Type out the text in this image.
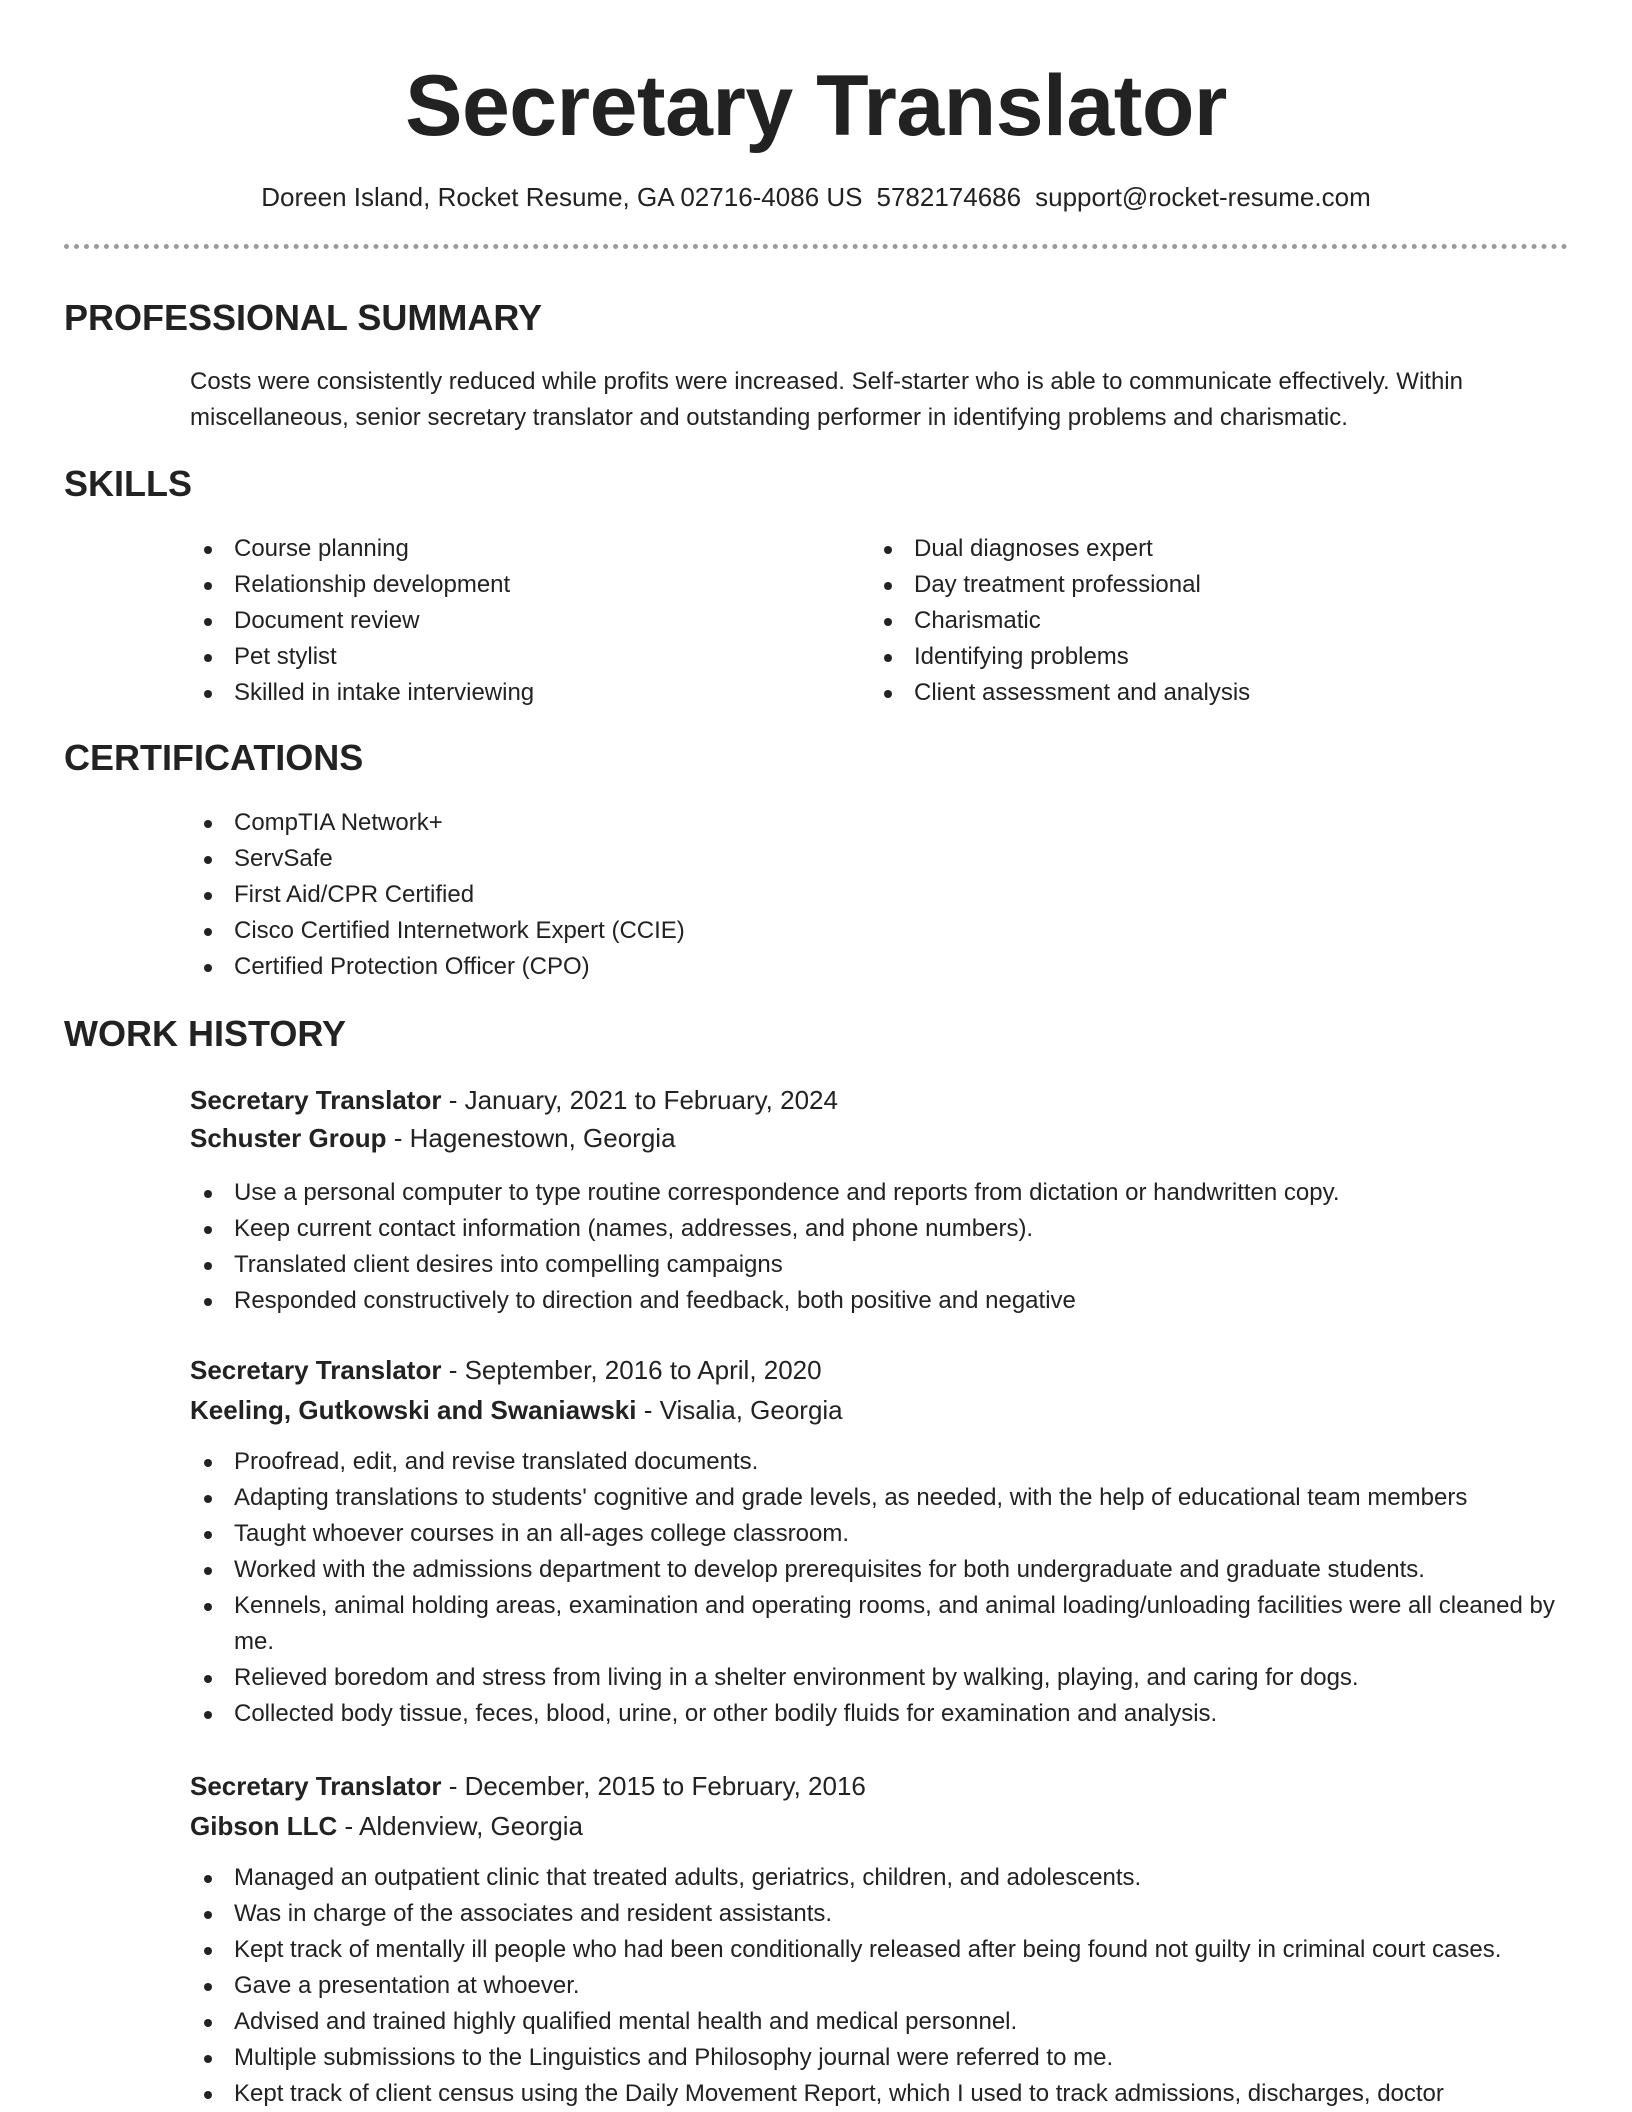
Secretary Translator
Doreen Island, Rocket Resume, GA 02716-4086 US 5782174686 support@rocket-resume.com
PROFESSIONAL SUMMARY

Costs were consistently reduced while profits were increased. Self-starter who is able to communicate effectively. Within miscellaneous, senior secretary translator and outstanding performer in identifying problems and charismatic.

SKILLS
Course planning
Relationship development
Document review
Pet stylist
Skilled in intake interviewing
Dual diagnoses expert
Day treatment professional
Charismatic
Identifying problems
Client assessment and analysis
CERTIFICATIONS
CompTIA Network+
ServSafe
First Aid/CPR Certified
Cisco Certified Internetwork Expert (CCIE)
Certified Protection Officer (CPO)
WORK HISTORY

Secretary Translator - January, 2021 to February, 2024

Schuster Group - Hagenestown, Georgia

Use a personal computer to type routine correspondence and reports from dictation or handwritten copy.
Keep current contact information (names, addresses, and phone numbers).
Translated client desires into compelling campaigns
Responded constructively to direction and feedback, both positive and negative

Secretary Translator - September, 2016 to April, 2020

Keeling, Gutkowski and Swaniawski - Visalia, Georgia

Proofread, edit, and revise translated documents.
Adapting translations to students' cognitive and grade levels, as needed, with the help of educational team members
Taught whoever courses in an all-ages college classroom.
Worked with the admissions department to develop prerequisites for both undergraduate and graduate students.
Kennels, animal holding areas, examination and operating rooms, and animal loading/unloading facilities were all cleaned by me.
Relieved boredom and stress from living in a shelter environment by walking, playing, and caring for dogs.
Collected body tissue, feces, blood, urine, or other bodily fluids for examination and analysis.

Secretary Translator - December, 2015 to February, 2016

Gibson LLC - Aldenview, Georgia

Managed an outpatient clinic that treated adults, geriatrics, children, and adolescents.
Was in charge of the associates and resident assistants.
Kept track of mentally ill people who had been conditionally released after being found not guilty in criminal court cases.
Gave a presentation at whoever.
Advised and trained highly qualified mental health and medical personnel.
Multiple submissions to the Linguistics and Philosophy journal were referred to me.
Kept track of client census using the Daily Movement Report, which I used to track admissions, discharges, doctor
